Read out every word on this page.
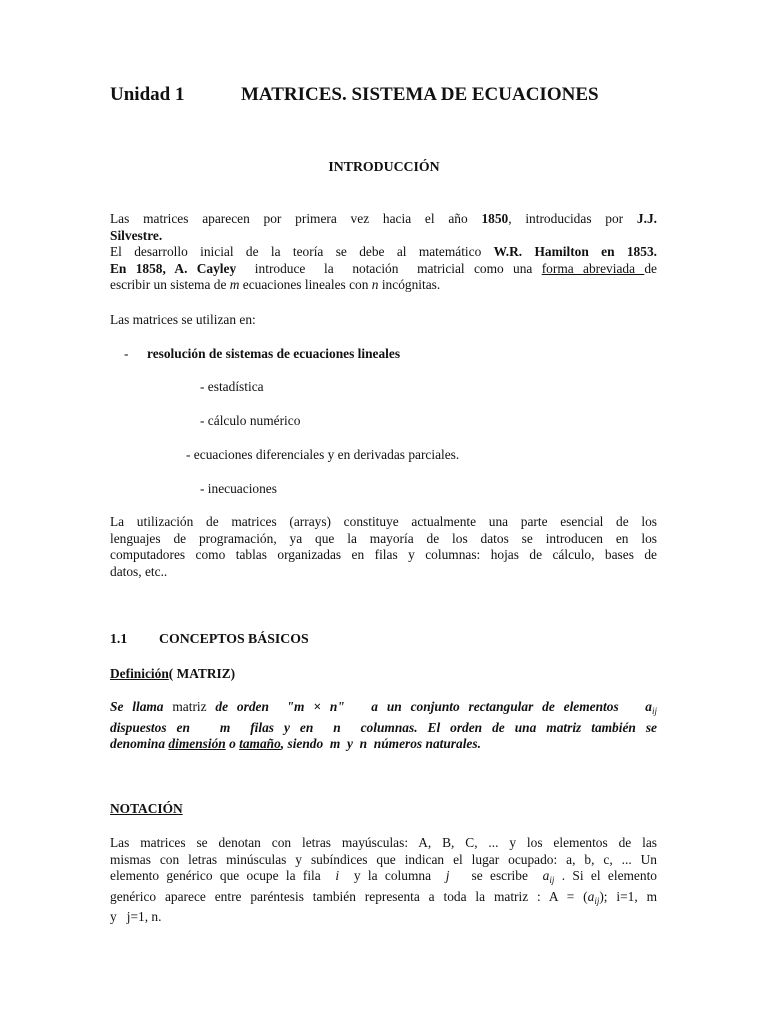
Unidad 1	MATRICES. SISTEMA DE ECUACIONES
INTRODUCCIÓN
Las matrices aparecen por primera vez hacia el año 1850, introducidas por J.J.
Silvestre.
El desarrollo inicial de la teoría se debe al matemático W.R. Hamilton en 1853.
En 1858, A. Cayley  introduce  la  notación  matricial como una forma abreviada de
escribir un sistema de m ecuaciones lineales con n incógnitas.
Las matrices se utilizan en:
- resolución de sistemas de ecuaciones lineales
- estadística
- cálculo numérico
- ecuaciones diferenciales y en derivadas parciales.
- inecuaciones
La utilización de matrices (arrays) constituye actualmente una parte esencial de los
lenguajes de programación, ya que la mayoría de los datos se introducen en los
computadores como tablas organizadas en filas y columnas: hojas de cálculo, bases de
datos, etc..
1.1 CONCEPTOS BÁSICOS
Definición( MATRIZ)
Se llama matriz de orden  "m × n"   a un conjunto rectangular de elementos   $a_{ij}$
dispuestos en   m  filas y en  n  columnas. El orden de una matriz también se
denomina dimensión o tamaño, siendo  m  y  n  números naturales.
NOTACIÓN
Las matrices se denotan con letras mayúsculas: A, B, C, ... y los elementos de las
mismas con letras minúsculas y subíndices que indican el lugar ocupado: a, b, c, ... Un
elemento genérico que ocupe la fila  i  y la columna  j   se escribe  $a_{ij}$ . Si el elemento
genérico aparece entre paréntesis también representa a toda la matriz : $A = (a_{ij})$; i=1, m
y   j=1, n.
